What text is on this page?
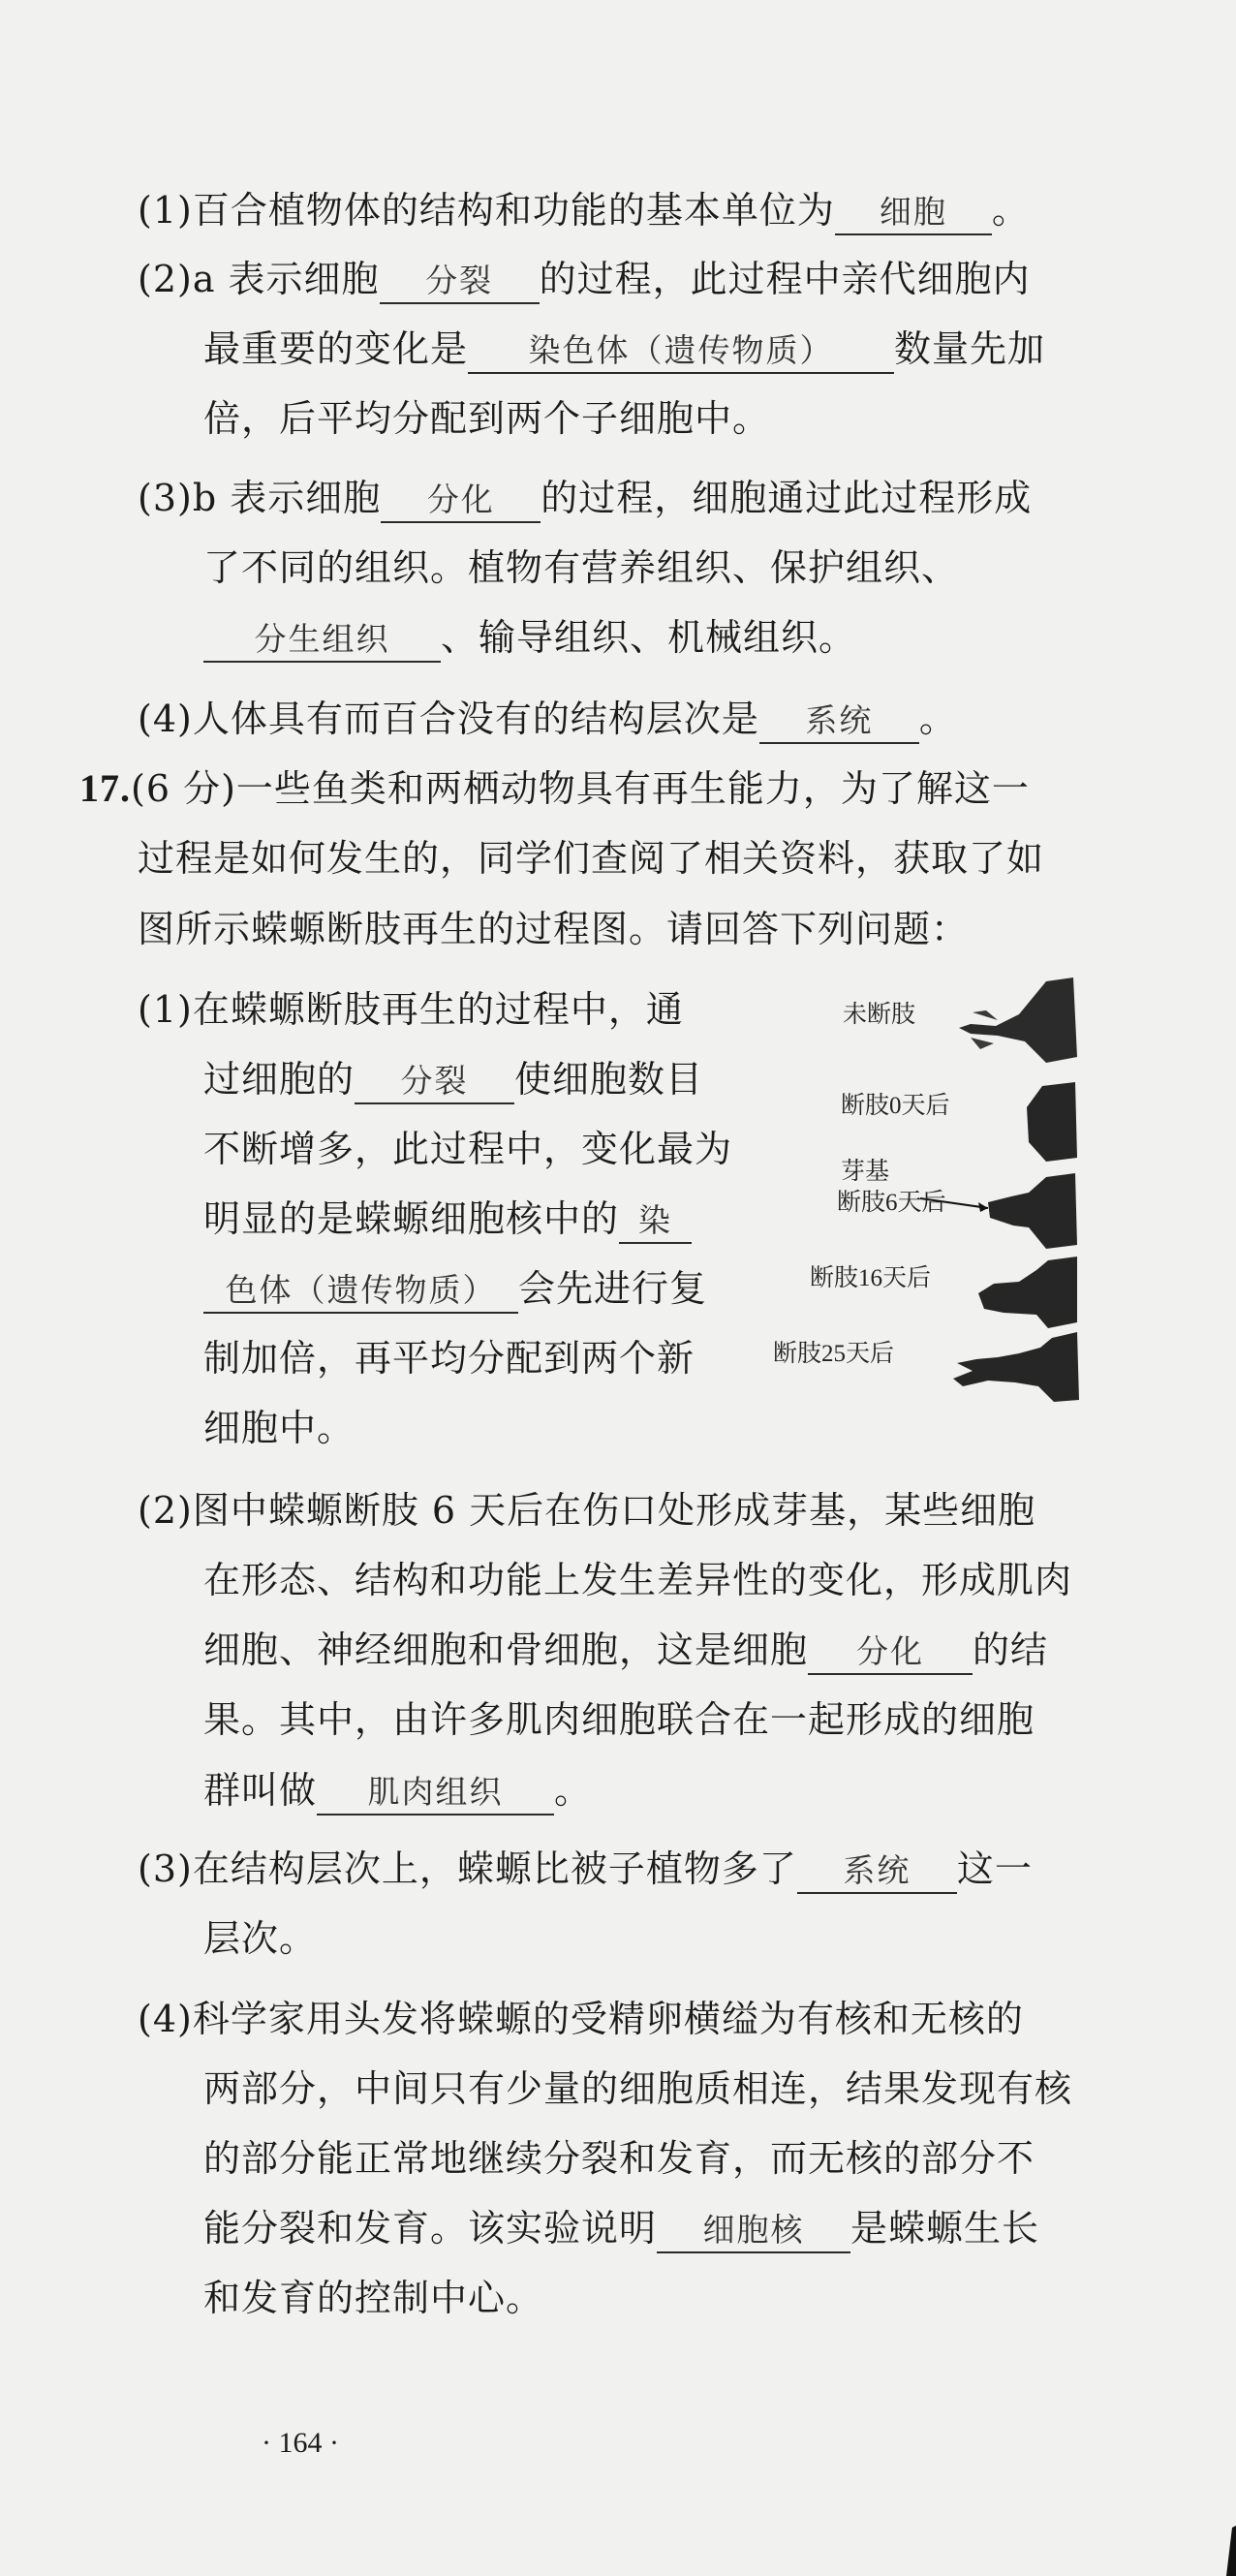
(1)百合植物体的结构和功能的基本单位为 细胞 。
(2)a 表示细胞 分裂 的过程，此过程中亲代细胞内
最重要的变化是 染色体（遗传物质） 数量先加
倍，后平均分配到两个子细胞中。
(3)b 表示细胞 分化 的过程，细胞通过此过程形成
了不同的组织。植物有营养组织、保护组织、
分生组织 、输导组织、机械组织。
(4)人体具有而百合没有的结构层次是 系统 。
17.(6 分)一些鱼类和两栖动物具有再生能力，为了解这一
过程是如何发生的，同学们查阅了相关资料，获取了如
图所示蝾螈断肢再生的过程图。请回答下列问题：
(1)在蝾螈断肢再生的过程中，通
过细胞的 分裂 使细胞数目
不断增多，此过程中，变化最为
明显的是蝾螈细胞核中的 染
色体（遗传物质） 会先进行复
制加倍，再平均分配到两个新
细胞中。
未断肢
断肢0天后
芽基
断肢6天后
断肢16天后
断肢25天后
(2)图中蝾螈断肢 6 天后在伤口处形成芽基，某些细胞
在形态、结构和功能上发生差异性的变化，形成肌肉
细胞、神经细胞和骨细胞，这是细胞 分化 的结
果。其中，由许多肌肉细胞联合在一起形成的细胞
群叫做 肌肉组织 。
(3)在结构层次上，蝾螈比被子植物多了 系统 这一
层次。
(4)科学家用头发将蝾螈的受精卵横缢为有核和无核的
两部分，中间只有少量的细胞质相连，结果发现有核
的部分能正常地继续分裂和发育，而无核的部分不
能分裂和发育。该实验说明 细胞核 是蝾螈生长
和发育的控制中心。
· 164 ·
